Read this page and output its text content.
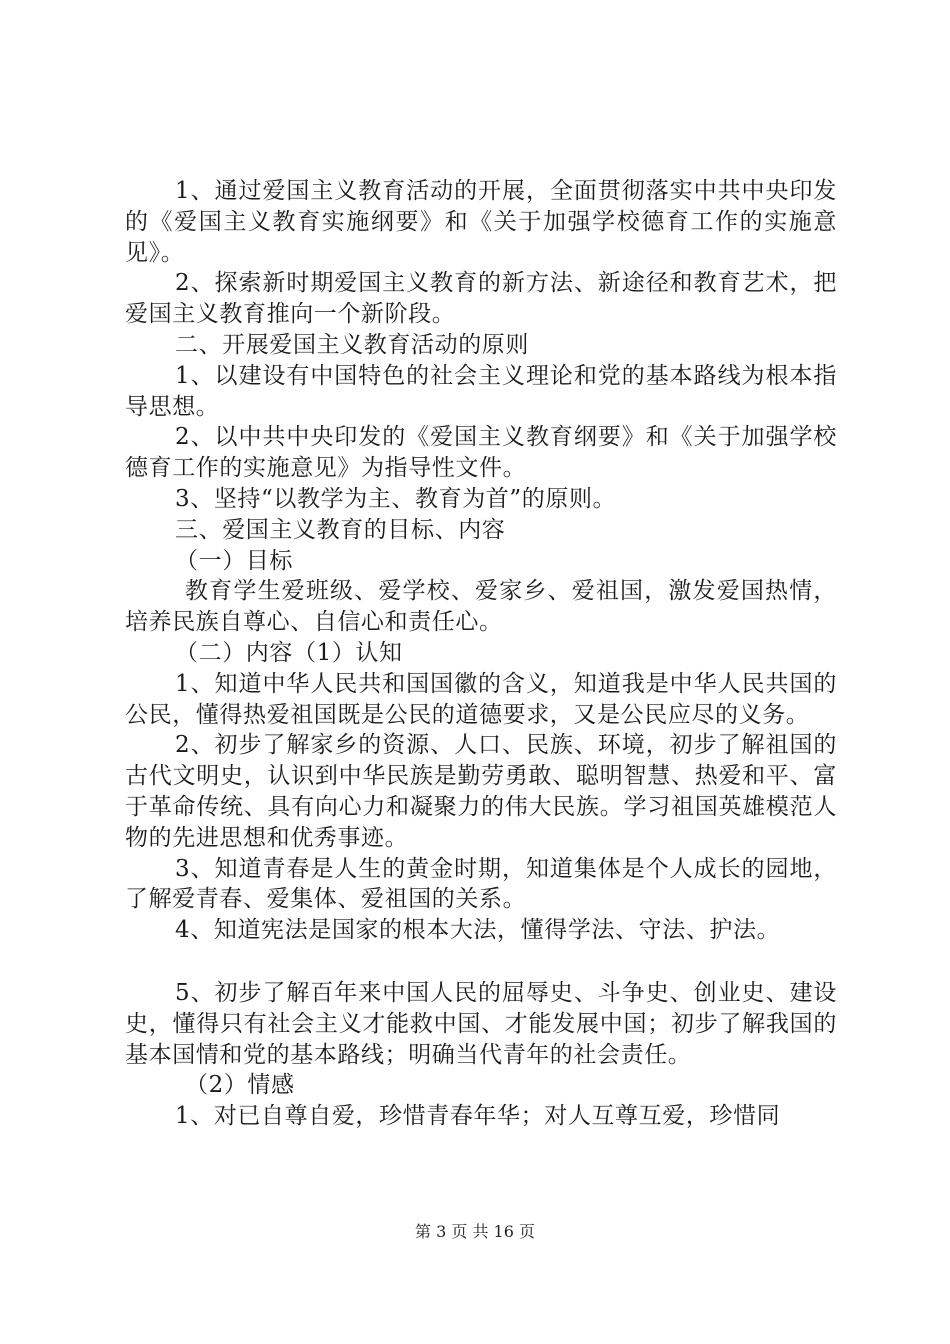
1、通过爱国主义教育活动的开展，全面贯彻落实中共中央印发的《爱国主义教育实施纲要》和《关于加强学校德育工作的实施意见》。

2、探索新时期爱国主义教育的新方法、新途径和教育艺术，把爱国主义教育推向一个新阶段。

二、开展爱国主义教育活动的原则

1、以建设有中国特色的社会主义理论和党的基本路线为根本指导思想。

2、以中共中央印发的《爱国主义教育纲要》和《关于加强学校德育工作的实施意见》为指导性文件。

3、坚持“以教学为主、教育为首”的原则。

三、爱国主义教育的目标、内容

（一）目标

教育学生爱班级、爱学校、爱家乡、爱祖国，激发爱国热情，培养民族自尊心、自信心和责任心。

（二）内容（1）认知

1、知道中华人民共和国国徽的含义，知道我是中华人民共国的公民，懂得热爱祖国既是公民的道德要求，又是公民应尽的义务。

2、初步了解家乡的资源、人口、民族、环境，初步了解祖国的古代文明史，认识到中华民族是勤劳勇敢、聪明智慧、热爱和平、富于革命传统、具有向心力和凝聚力的伟大民族。学习祖国英雄模范人物的先进思想和优秀事迹。

3、知道青春是人生的黄金时期，知道集体是个人成长的园地，了解爱青春、爱集体、爱祖国的关系。

4、知道宪法是国家的根本大法，懂得学法、守法、护法。

5、初步了解百年来中国人民的屈辱史、斗争史、创业史、建设史，懂得只有社会主义才能救中国、才能发展中国；初步了解我国的基本国情和党的基本路线；明确当代青年的社会责任。

（2）情感

1、对已自尊自爱，珍惜青春年华；对人互尊互爱，珍惜同

第 3 页 共 16 页
